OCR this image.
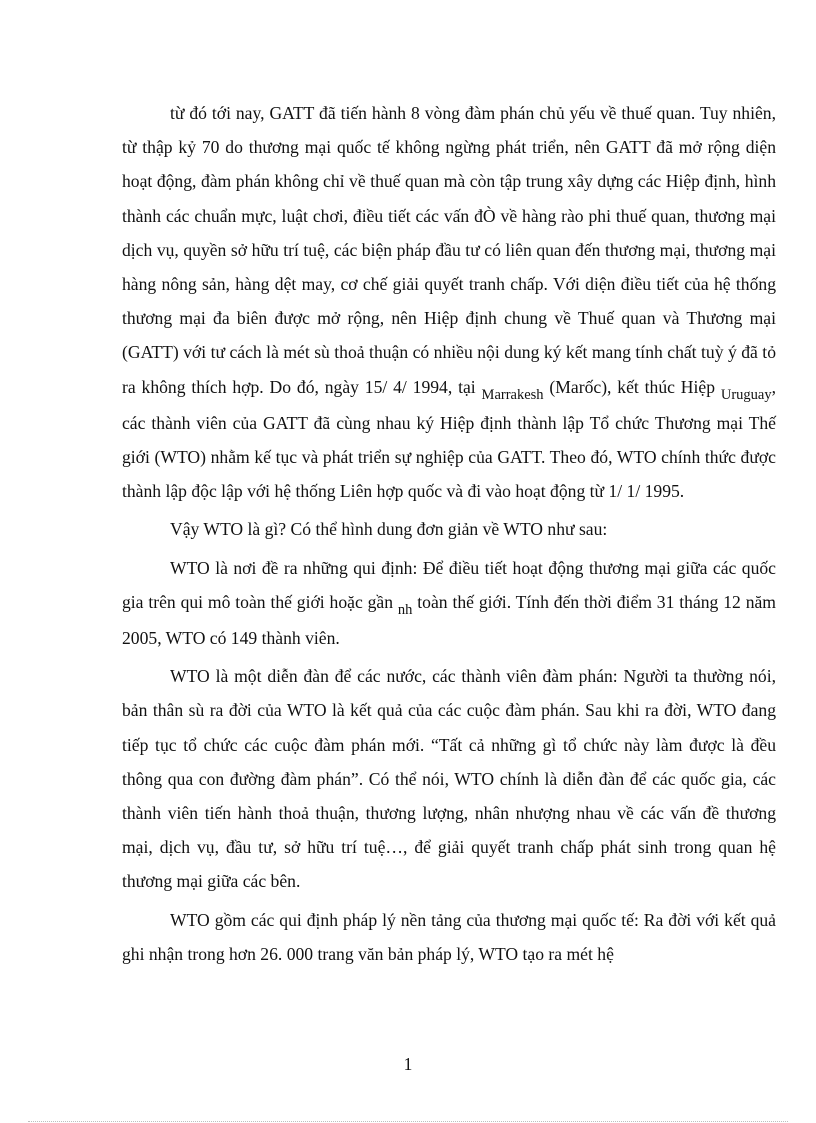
từ đó tới nay, GATT đã tiến hành 8 vòng đàm phán chủ yếu về thuế quan. Tuy nhiên, từ thập kỷ 70 do thương mại quốc tế không ngừng phát triển, nên GATT đã mở rộng diện hoạt động, đàm phán không chỉ về thuế quan mà còn tập trung xây dựng các Hiệp định, hình thành các chuẩn mực, luật chơi, điều tiết các vấn đÒ về hàng rào phi thuế quan, thương mại dịch vụ, quyền sở hữu trí tuệ, các biện pháp đầu tư có liên quan đến thương mại, thương mại hàng nông sản, hàng dệt may, cơ chế giải quyết tranh chấp. Với diện điều tiết của hệ thống thương mại đa biên được mở rộng, nên Hiệp định chung về Thuế quan và Thương mại (GATT) với tư cách là mét sù thoả thuận có nhiều nội dung ký kết mang tính chất tuỳ ý đã tỏ ra không thích hợp. Do đó, ngày 15/ 4/ 1994, tại $_{Marrakesh}$ (Marốc), kết thúc Hiệp $_{Uruguay}$, các thành viên của GATT đã cùng nhau ký Hiệp định thành lập Tổ chức Thương mại Thế giới (WTO) nhằm kế tục và phát triển sự nghiệp của GATT. Theo đó, WTO chính thức được thành lập độc lập với hệ thống Liên hợp quốc và đi vào hoạt động từ 1/ 1/ 1995.

Vậy WTO là gì? Có thể hình dung đơn giản về WTO như sau:

WTO là nơi đề ra những qui định: Để điều tiết hoạt động thương mại giữa các quốc gia trên qui mô toàn thế giới hoặc gần $_{nh}$ toàn thế giới. Tính đến thời điểm 31 tháng 12 năm 2005, WTO có 149 thành viên.

WTO là một diễn đàn để các nước, các thành viên đàm phán: Người ta thường nói, bản thân sù ra đời của WTO là kết quả của các cuộc đàm phán. Sau khi ra đời, WTO đang tiếp tục tổ chức các cuộc đàm phán mới. “Tất cả những gì tổ chức này làm được là đều thông qua con đường đàm phán”. Có thể nói, WTO chính là diễn đàn để các quốc gia, các thành viên tiến hành thoả thuận, thương lượng, nhân nhượng nhau về các vấn đề thương mại, dịch vụ, đầu tư, sở hữu trí tuệ…, để giải quyết tranh chấp phát sinh trong quan hệ thương mại giữa các bên.

WTO gồm các qui định pháp lý nền tảng của thương mại quốc tế: Ra đời với kết quả ghi nhận trong hơn 26. 000 trang văn bản pháp lý, WTO tạo ra mét hệ

1
